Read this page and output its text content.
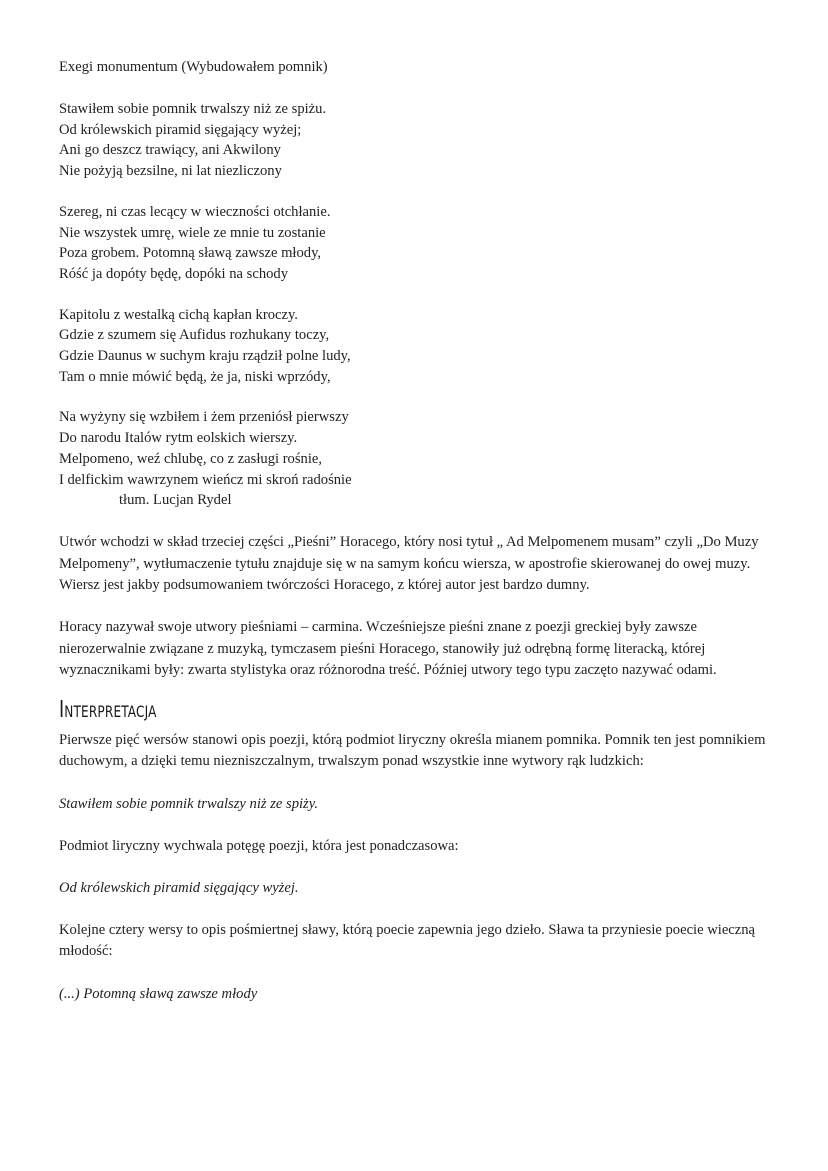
Exegi monumentum (Wybudowałem pomnik)
Stawiłem sobie pomnik trwalszy niż ze spiżu.
Od królewskich piramid sięgający wyżej;
Ani go deszcz trawiący, ani Akwilony
Nie pożyją bezsilne, ni lat niezliczony
Szereg, ni czas lecący w wieczności otchłanie.
Nie wszystek umrę, wiele ze mnie tu zostanie
Poza grobem. Potomną sławą zawsze młody,
Róść ja dopóty będę, dopóki na schody
Kapitolu z westalką cichą kapłan kroczy.
Gdzie z szumem się Aufidus rozhukany toczy,
Gdzie Daunus w suchym kraju rządził polne ludy,
Tam o mnie mówić będą, że ja, niski wprzódy,
Na wyżyny się wzbiłem i żem przeniósł pierwszy
Do narodu Italów rytm eolskich wierszy.
Melpomeno, weź chlubę, co z zasługi rośnie,
I delfickim wawrzynem wieńcz mi skroń radośnie
tłum. Lucjan Rydel

Utwór wchodzi w skład trzeciej części „Pieśni” Horacego, który nosi tytuł „ Ad Melpomenem musam” czyli „Do Muzy Melpomeny”, wytłumaczenie tytułu znajduje się w na samym końcu wiersza, w apostrofie skierowanej do owej muzy. Wiersz jest jakby podsumowaniem twórczości Horacego, z której autor jest bardzo dumny.

Horacy nazywał swoje utwory pieśniami – carmina. Wcześniejsze pieśni znane z poezji greckiej były zawsze nierozerwalnie związane z muzyką, tymczasem pieśni Horacego, stanowiły już odrębną formę literacką, której wyznacznikami były: zwarta stylistyka oraz różnorodna treść. Później utwory tego typu zaczęto nazywać odami.

Interpretacja

Pierwsze pięć wersów stanowi opis poezji, którą podmiot liryczny określa mianem pomnika. Pomnik ten jest pomnikiem duchowym, a dzięki temu niezniszczalnym, trwalszym ponad wszystkie inne wytwory rąk ludzkich:

Stawiłem sobie pomnik trwalszy niż ze spiży.

Podmiot liryczny wychwala potęgę poezji, która jest ponadczasowa:

Od królewskich piramid sięgający wyżej.

Kolejne cztery wersy to opis pośmiertnej sławy, którą poecie zapewnia jego dzieło. Sława ta przyniesie poecie wieczną młodość:

(...) Potomną sławą zawsze młody
